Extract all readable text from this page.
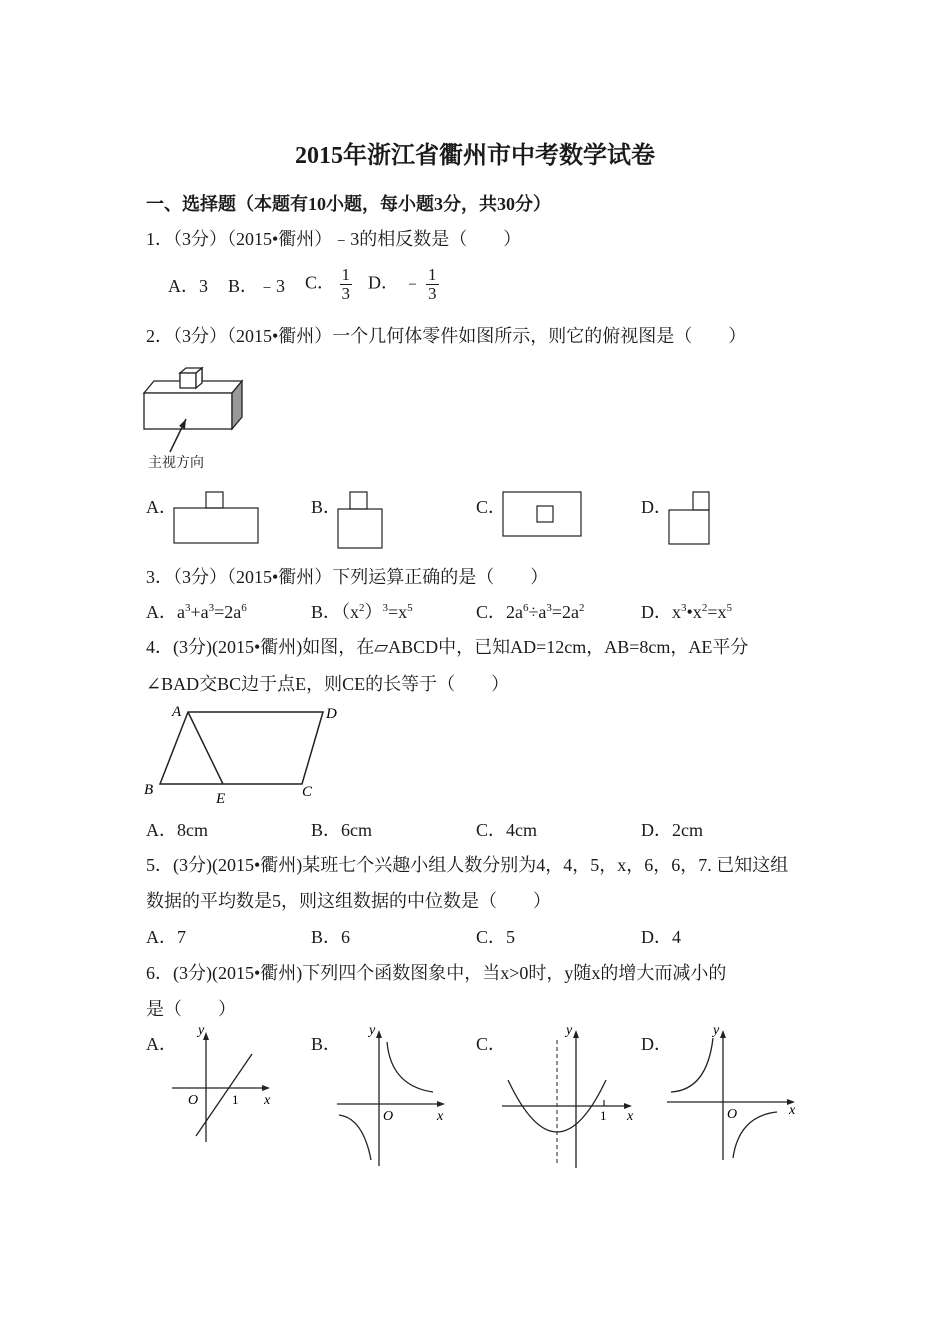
2015年浙江省衢州市中考数学试卷
一、选择题（本题有10小题，每小题3分，共30分）
1．（3分）（2015•衢州）﹣3的相反数是（　　）
A．3 B．﹣3 C． $\frac{1}{3}$ D． ﹣ $\frac{1}{3}$
2．（3分）（2015•衢州）一个几何体零件如图所示，则它的俯视图是（　　）
主视方向
A．	B．	C．	D．
3．（3分）（2015•衢州）下列运算正确的是（　　）
A．$a^3+a^3=2a^6$	B．$(x^2)^3=x^5$	C．$2a^6\div a^3=2a^2$	D．$x^3•x^2=x^5$
4．(3分)(2015•衢州)如图，在▱ABCD中，已知AD=12cm，AB=8cm，AE平分
∠BAD交BC边于点E，则CE的长等于（　　）
A	D
B
E	C
A．8cm	B．6cm	C．4cm	D．2cm
5．(3分)(2015•衢州)某班七个兴趣小组人数分别为4，4，5，x，6，6，7. 已知这组
数据的平均数是5，则这组数据的中位数是（　　）
A．7	B．6	C．5	D．4
6．(3分)(2015•衢州)下列四个函数图象中，当x>0时，y随x的增大而减小的
是（　　）
A．
y
x
O	1
B．
y
x
O
C．
y
x
1
D．
y
x
O
